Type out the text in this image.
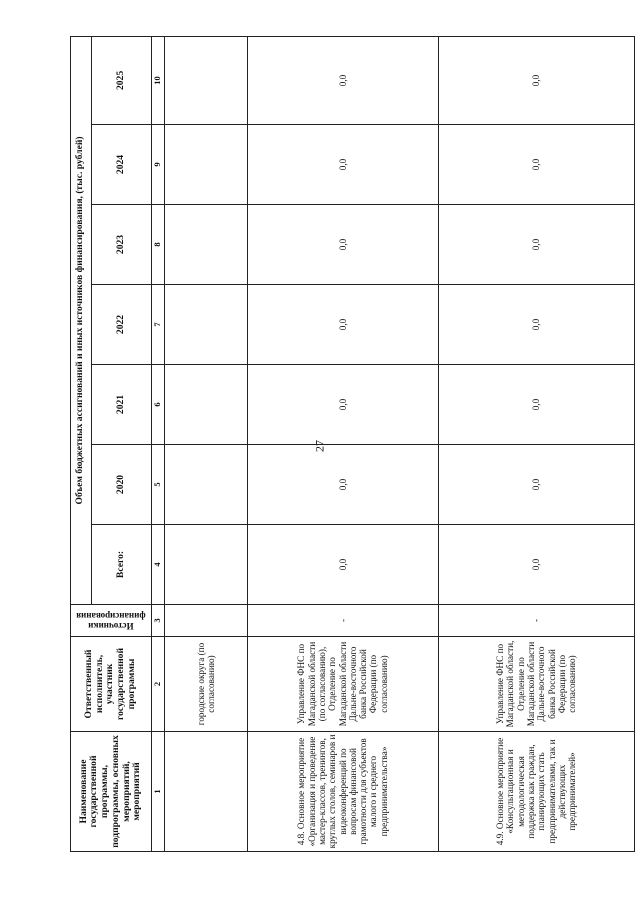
27
Наименование государственной программы, подпрограммы, основных мероприятий, мероприятий	Ответственный исполнитель, участник государственной программы	Источники финансирования	Объем бюджетных ассигнований и иных источников финансирования, (тыс. рублей)						
			Всего:	2020	2021	2022	2023	2024	2025
1	2	3	4	5	6	7	8	9	10
	городские округа (по согласованию)								
4.8. Основное мероприятие «Организация и проведение мастер-классов, тренингов, круглых столов, семинаров и видеоконференций по вопросам финансовой грамотности для субъектов малого и среднего предпринимательства»	Управление ФНС по Магаданской области (по согласованию), Отделение по Магаданской области Дальне-восточного банка Российской Федерации (по согласованию)	-	0,0	0,0	0,0	0,0	0,0	0,0	0,0
4.9. Основное мероприятие «Консультационная и методологическая поддержка как граждан, планирующих стать предпринимателями, так и действующих предпринимателей»	Управление ФНС по Магаданской области, Отделение по Магаданской области Дальне-восточного банка Российской Федерации (по согласованию)	-	0,0	0,0	0,0	0,0	0,0	0,0	0,0
